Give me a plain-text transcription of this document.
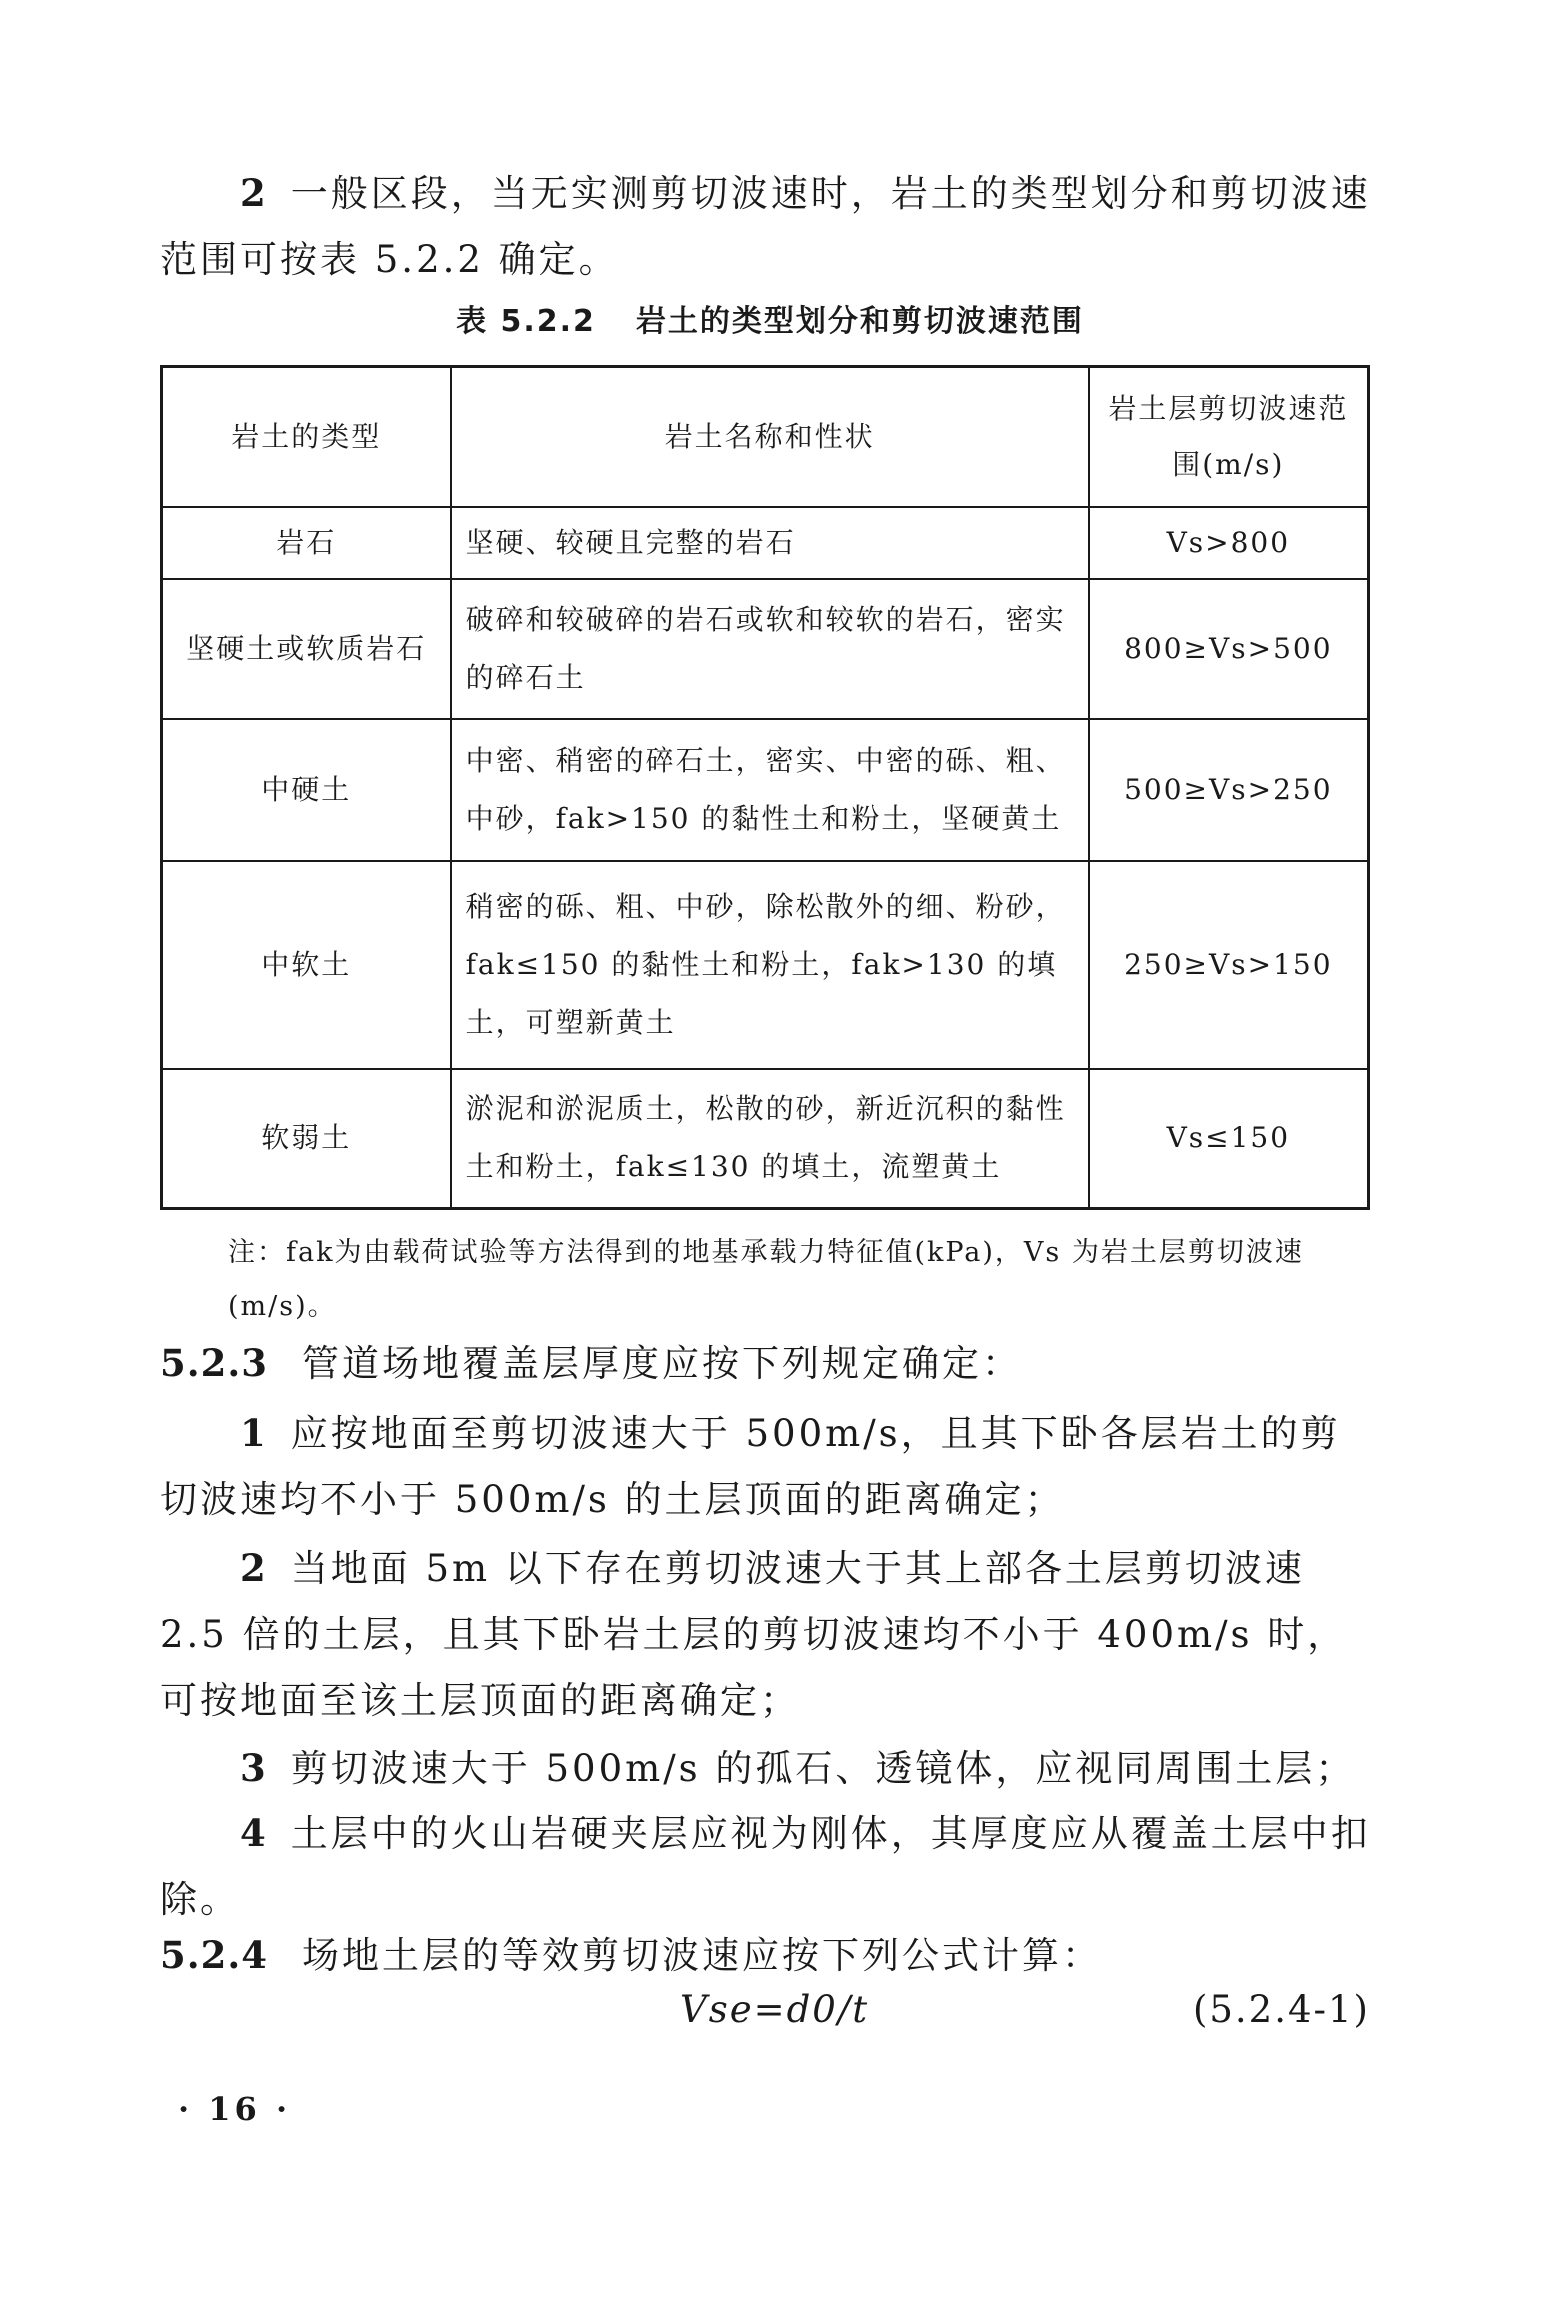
2 一般区段，当无实测剪切波速时，岩土的类型划分和剪切波速范围可按表 5.2.2 确定。

表 5.2.2 岩土的类型划分和剪切波速范围
岩土的类型	岩土名称和性状	岩土层剪切波速范围(m/s)
岩石	坚硬、较硬且完整的岩石	Vs>800
坚硬土或软质岩石	破碎和较破碎的岩石或软和较软的岩石，密实的碎石土	800≥Vs>500
中硬土	中密、稍密的碎石土，密实、中密的砾、粗、中砂，fak>150 的黏性土和粉土，坚硬黄土	500≥Vs>250
中软土	稍密的砾、粗、中砂，除松散外的细、粉砂，fak≤150 的黏性土和粉土，fak>130 的填土，可塑新黄土	250≥Vs>150
软弱土	淤泥和淤泥质土，松散的砂，新近沉积的黏性土和粉土，fak≤130 的填土，流塑黄土	Vs≤150
注：fak为由载荷试验等方法得到的地基承载力特征值(kPa)，Vs 为岩土层剪切波速(m/s)。

5.2.3 管道场地覆盖层厚度应按下列规定确定：

1 应按地面至剪切波速大于 500m/s，且其下卧各层岩土的剪切波速均不小于 500m/s 的土层顶面的距离确定；

2 当地面 5m 以下存在剪切波速大于其上部各土层剪切波速 2.5 倍的土层，且其下卧岩土层的剪切波速均不小于 400m/s 时，可按地面至该土层顶面的距离确定；

3 剪切波速大于 500m/s 的孤石、透镜体，应视同周围土层；

4 土层中的火山岩硬夹层应视为刚体，其厚度应从覆盖土层中扣除。

5.2.4 场地土层的等效剪切波速应按下列公式计算：

Vse=d0/t	(5.2.4-1)
· 16 ·
